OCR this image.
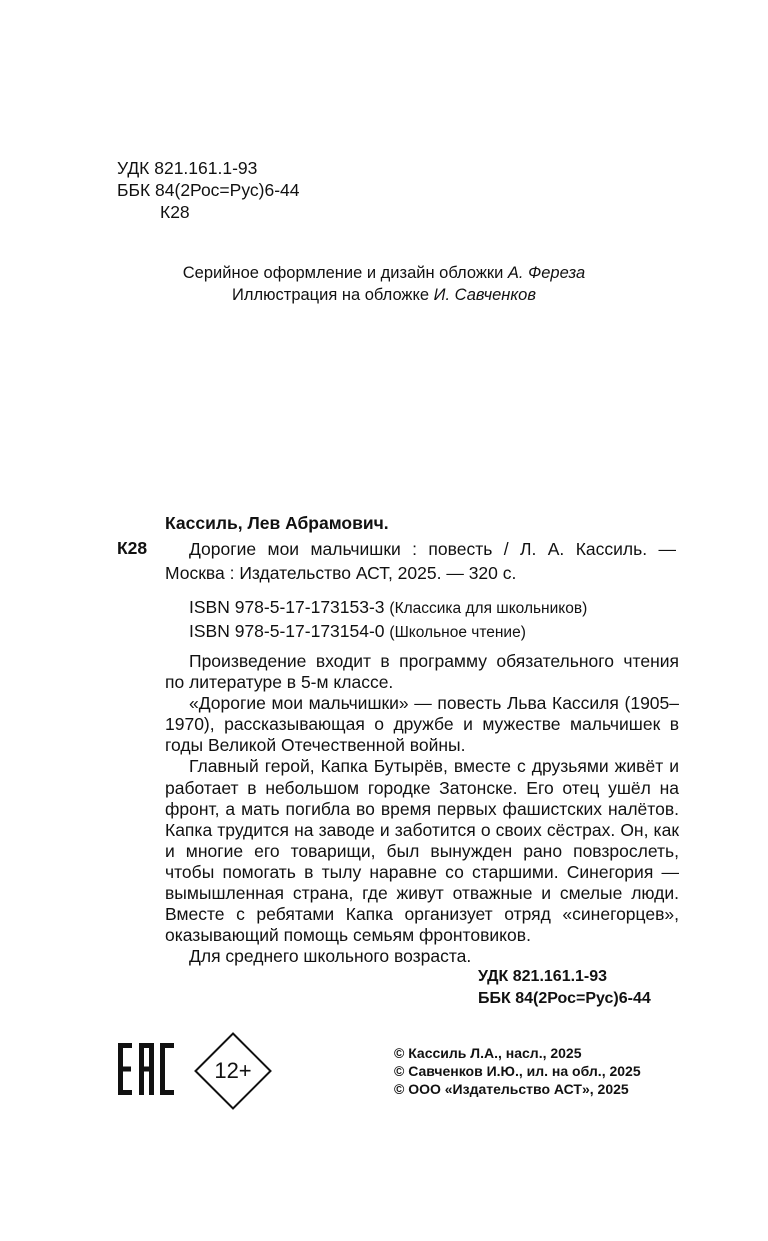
УДК 821.161.1-93
ББК 84(2Рос=Рус)6-44
К28
Серийное оформление и дизайн обложки А. Фереза
Иллюстрация на обложке И. Савченков
Кассиль, Лев Абрамович.
К28 Дорогие мои мальчишки : повесть / Л. А. Кассиль. —
Москва : Издательство АСТ, 2025. — 320 с.
ISBN 978-5-17-173153-3 (Классика для школьников)
ISBN 978-5-17-173154-0 (Школьное чтение)

Произведение входит в программу обязательного чтения по литературе в 5-м классе.

«Дорогие мои мальчишки» — повесть Льва Кассиля (1905–1970), рассказывающая о дружбе и мужестве мальчишек в годы Великой Отечественной войны.

Главный герой, Капка Бутырёв, вместе с друзьями живёт и работает в небольшом городке Затонске. Его отец ушёл на фронт, а мать погибла во время первых фашистских налётов. Капка трудится на заводе и заботится о своих сёстрах. Он, как и многие его товарищи, был вынужден рано повзрослеть, чтобы помогать в тылу наравне со старшими. Синегория — вымышленная страна, где живут отважные и смелые люди. Вместе с ребятами Капка организует отряд «синегорцев», оказывающий помощь семьям фронтовиков.

Для среднего школьного возраста.

УДК 821.161.1-93
ББК 84(2Рос=Рус)6-44
12+
© Кассиль Л.А., насл., 2025
© Савченков И.Ю., ил. на обл., 2025
© ООО «Издательство АСТ», 2025
